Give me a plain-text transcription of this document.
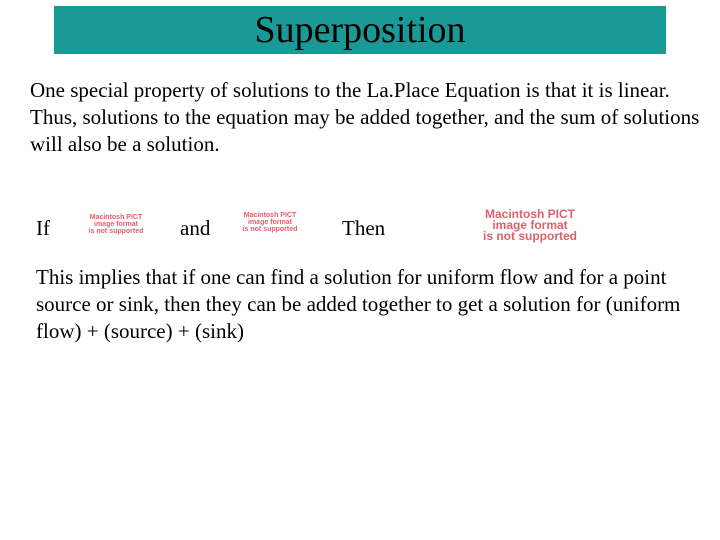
Superposition

One special property of solutions to the La.Place Equation is that it is linear. Thus, solutions to the equation may be added together, and the sum of solutions will also be a solution.

If	Macintosh PICT
image format
is not supported and
Macintosh PICT
image format
is not supported Then
Macintosh PICT
image format
is not supported

This implies that if one can find a solution for uniform flow and for a point source or sink, then they can be added together to get a solution for (uniform flow) + (source) + (sink)
